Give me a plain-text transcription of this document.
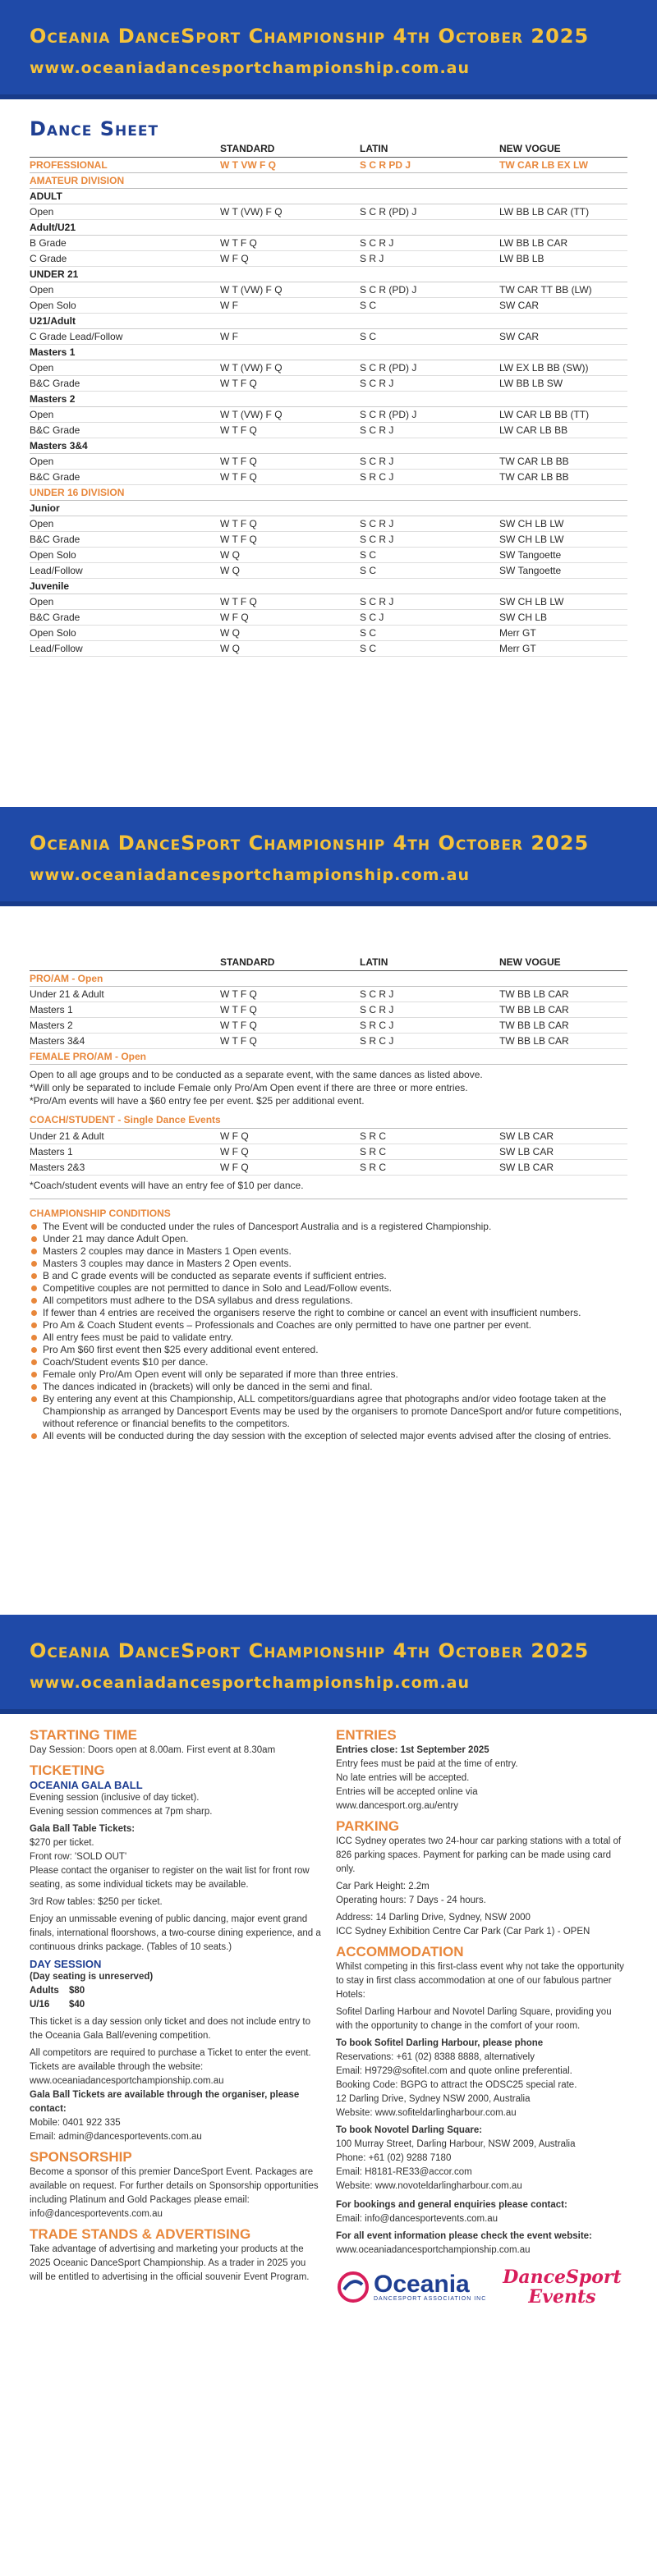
Oceania DanceSport Championship 4th October 2025
www.oceaniadancesportchampionship.com.au
Dance Sheet
	STANDARD	LATIN	NEW VOGUE
PROFESSIONAL	W T VW F Q	S C R PD J	TW CAR LB EX LW
AMATEUR DIVISION			
ADULT			
Open	W T (VW) F Q	S C R (PD) J	LW BB LB CAR (TT)
Adult/U21			
B Grade	W T F Q	S C R J	LW BB LB CAR
C Grade	W F Q	S R J	LW BB LB
UNDER 21			
Open	W T (VW) F Q	S C R (PD) J	TW CAR TT BB (LW)
Open Solo	W F	S C	SW CAR
U21/Adult			
C Grade Lead/Follow	W F	S C	SW CAR
Masters 1			
Open	W T (VW) F Q	S C R (PD) J	LW EX LB BB (SW))
B&C Grade	W T F Q	S C R J	LW BB LB SW
Masters 2			
Open	W T (VW) F Q	S C R (PD) J	LW CAR LB BB (TT)
B&C Grade	W T F Q	S C R J	LW CAR LB BB
Masters 3&4			
Open	W T F Q	S C R J	TW CAR LB BB
B&C Grade	W T F Q	S R C J	TW CAR LB BB
UNDER 16 DIVISION			
Junior			
Open	W T F Q	S C R J	SW CH LB LW
B&C Grade	W T F Q	S C R J	SW CH LB LW
Open Solo	W Q	S C	SW Tangoette
Lead/Follow	W Q	S C	SW Tangoette
Juvenile			
Open	W T F Q	S C R J	SW CH LB LW
B&C Grade	W F Q	S C J	SW CH LB
Open Solo	W Q	S C	Merr GT
Lead/Follow	W Q	S C	Merr GT
Oceania DanceSport Championship 4th October 2025
www.oceaniadancesportchampionship.com.au
	STANDARD	LATIN	NEW VOGUE
PRO/AM - Open			
Under 21 & Adult	W T F Q	S C R J	TW BB LB CAR
Masters 1	W T F Q	S C R J	TW BB LB CAR
Masters 2	W T F Q	S R C J	TW BB LB CAR
Masters 3&4	W T F Q	S R C J	TW BB LB CAR
FEMALE PRO/AM - Open			
Open to all age groups and to be conducted as a separate event, with the same dances as listed above.
*Will only be separated to include Female only Pro/Am Open event if there are three or more entries.
*Pro/Am events will have a $60 entry fee per event. $25 per additional event.
COACH/STUDENT - Single Dance Events			
Under 21 & Adult	W F Q	S R C	SW LB CAR
Masters 1	W F Q	S R C	SW LB CAR
Masters 2&3	W F Q	S R C	SW LB CAR
*Coach/student events will have an entry fee of $10 per dance.
CHAMPIONSHIP CONDITIONS
The Event will be conducted under the rules of Dancesport Australia and is a registered Championship.
Under 21 may dance Adult Open.
Masters 2 couples may dance in Masters 1 Open events.
Masters 3 couples may dance in Masters 2 Open events.
B and C grade events will be conducted as separate events if sufficient entries.
Competitive couples are not permitted to dance in Solo and Lead/Follow events.
All competitors must adhere to the DSA syllabus and dress regulations.
If fewer than 4 entries are received the organisers reserve the right to combine or cancel an event with insufficient numbers.
Pro Am & Coach Student events – Professionals and Coaches are only permitted to have one partner per event.
All entry fees must be paid to validate entry.
Pro Am $60 first event then $25 every additional event entered.
Coach/Student events $10 per dance.
Female only Pro/Am Open event will only be separated if more than three entries.
The dances indicated in (brackets) will only be danced in the semi and final.
By entering any event at this Championship, ALL competitors/guardians agree that photographs and/or video footage taken at the Championship as arranged by Dancesport Events may be used by the organisers to promote DanceSport and/or future competitions, without reference or financial benefits to the competitors.
All events will be conducted during the day session with the exception of selected major events advised after the closing of entries.
Oceania DanceSport Championship 4th October 2025
www.oceaniadancesportchampionship.com.au
STARTING TIME
Day Session: Doors open at 8.00am. First event at 8.30am
TICKETING
OCEANIA GALA BALL
Evening session (inclusive of day ticket).
Evening session commences at 7pm sharp.
Gala Ball Table Tickets:
$270 per ticket.
Front row: 'SOLD OUT'
Please contact the organiser to register on the wait list for front row seating, as some individual tickets may be available.
3rd Row tables: $250 per ticket.
Enjoy an unmissable evening of public dancing, major event grand finals, international floorshows, a two-course dining experience, and a continuous drinks package. (Tables of 10 seats.)
DAY SESSION
(Day seating is unreserved)
Adults	$80
U/16	$40
This ticket is a day session only ticket and does not include entry to the Oceania Gala Ball/evening competition.
All competitors are required to purchase a Ticket to enter the event. Tickets are available through the website: www.oceaniadancesportchampionship.com.au
Gala Ball Tickets are available through the organiser, please contact:
Mobile: 0401 922 335
Email: admin@dancesportevents.com.au
SPONSORSHIP
Become a sponsor of this premier DanceSport Event. Packages are available on request. For further details on Sponsorship opportunities including Platinum and Gold Packages please email: info@dancesportevents.com.au
TRADE STANDS & ADVERTISING
Take advantage of advertising and marketing your products at the 2025 Oceanic DanceSport Championship. As a trader in 2025 you will be entitled to advertising in the official souvenir Event Program.
ENTRIES
Entries close: 1st September 2025
Entry fees must be paid at the time of entry.
No late entries will be accepted.
Entries will be accepted online via
www.dancesport.org.au/entry
PARKING
ICC Sydney operates two 24-hour car parking stations with a total of 826 parking spaces. Payment for parking can be made using card only.
Car Park Height: 2.2m
Operating hours: 7 Days - 24 hours.
Address: 14 Darling Drive, Sydney, NSW 2000
ICC Sydney Exhibition Centre Car Park (Car Park 1) - OPEN
ACCOMMODATION
Whilst competing in this first-class event why not take the opportunity to stay in first class accommodation at one of our fabulous partner Hotels:
Sofitel Darling Harbour and Novotel Darling Square, providing you with the opportunity to change in the comfort of your room.
To book Sofitel Darling Harbour, please phone
Reservations: +61 (02) 8388 8888, alternatively
Email: H9729@sofitel.com and quote online preferential.
Booking Code: BGPG to attract the ODSC25 special rate.
12 Darling Drive, Sydney NSW 2000, Australia
Website: www.sofiteldarlingharbour.com.au
To book Novotel Darling Square:
100 Murray Street, Darling Harbour, NSW 2009, Australia
Phone: +61 (02) 9288 7180
Email: H8181-RE33@accor.com
Website: www.novoteldarlingharbour.com.au
For bookings and general enquiries please contact:
Email: info@dancesportevents.com.au
For all event information please check the event website:
www.oceaniadancesportchampionship.com.au
Oceania
DANCESPORT ASSOCIATION INC
DanceSport
Events
